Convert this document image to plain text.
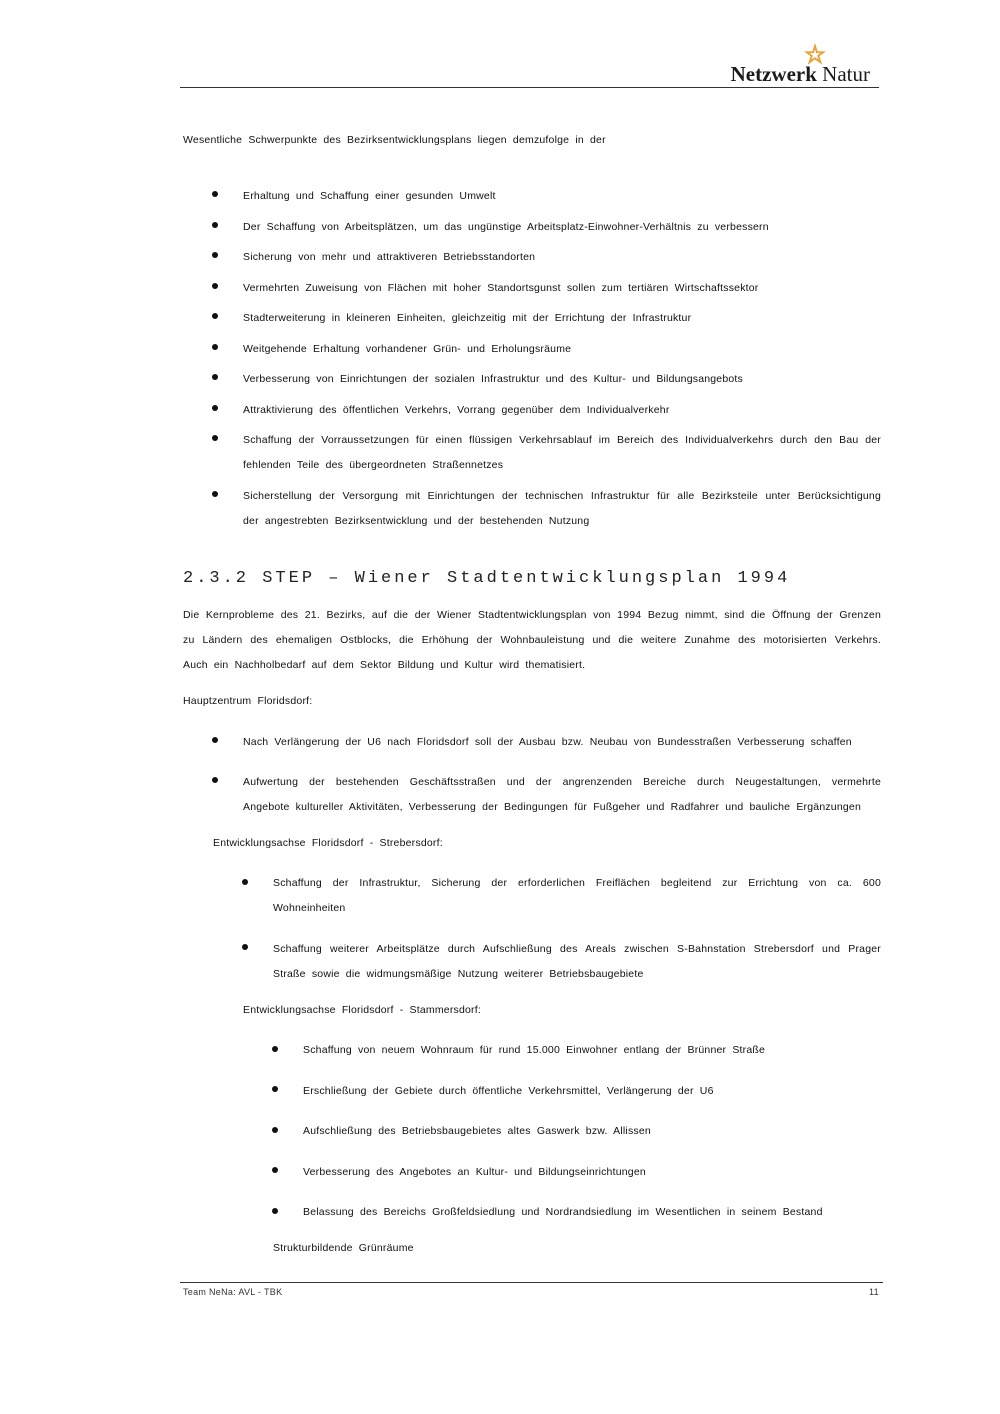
Netzwerk Natur
Wesentliche Schwerpunkte des Bezirksentwicklungsplans liegen demzufolge in der
Erhaltung und Schaffung einer gesunden Umwelt
Der Schaffung von Arbeitsplätzen, um das ungünstige Arbeitsplatz-Einwohner-Verhältnis zu verbessern
Sicherung von mehr und attraktiveren Betriebsstandorten
Vermehrten Zuweisung von Flächen mit hoher Standortsgunst sollen zum tertiären Wirtschaftssektor
Stadterweiterung in kleineren Einheiten, gleichzeitig mit der Errichtung der Infrastruktur
Weitgehende Erhaltung vorhandener Grün- und Erholungsräume
Verbesserung von Einrichtungen der sozialen Infrastruktur und des Kultur- und Bildungsangebots
Attraktivierung des öffentlichen Verkehrs, Vorrang gegenüber dem Individualverkehr
Schaffung der Vorraussetzungen für einen flüssigen Verkehrsablauf im Bereich des Individualverkehrs durch den Bau der fehlenden Teile des übergeordneten Straßennetzes
Sicherstellung der Versorgung mit Einrichtungen der technischen Infrastruktur für alle Bezirksteile unter Berücksichtigung der angestrebten Bezirksentwicklung und der bestehenden Nutzung
2.3.2 STEP – Wiener Stadtentwicklungsplan 1994
Die Kernprobleme des 21. Bezirks, auf die der Wiener Stadtentwicklungsplan von 1994 Bezug nimmt, sind die Öffnung der Grenzen zu Ländern des ehemaligen Ostblocks, die Erhöhung der Wohnbauleistung und die weitere Zunahme des motorisierten Verkehrs. Auch ein Nachholbedarf auf dem Sektor Bildung und Kultur wird thematisiert.
Hauptzentrum Floridsdorf:
Nach Verlängerung der U6 nach Floridsdorf soll der Ausbau bzw. Neubau von Bundesstraßen Verbesserung schaffen
Aufwertung der bestehenden Geschäftsstraßen und der angrenzenden Bereiche durch Neugestaltungen, vermehrte Angebote kultureller Aktivitäten, Verbesserung der Bedingungen für Fußgeher und Radfahrer und bauliche Ergänzungen
Entwicklungsachse Floridsdorf - Strebersdorf:
Schaffung der Infrastruktur, Sicherung der erforderlichen Freiflächen begleitend zur Errichtung von ca. 600 Wohneinheiten
Schaffung weiterer Arbeitsplätze durch Aufschließung des Areals zwischen S-Bahnstation Strebersdorf und Prager Straße sowie die widmungsmäßige Nutzung weiterer Betriebsbaugebiete
Entwicklungsachse Floridsdorf - Stammersdorf:
Schaffung von neuem Wohnraum für rund 15.000 Einwohner entlang der Brünner Straße
Erschließung der Gebiete durch öffentliche Verkehrsmittel, Verlängerung der U6
Aufschließung des Betriebsbaugebietes altes Gaswerk bzw. Allissen
Verbesserung des Angebotes an Kultur- und Bildungseinrichtungen
Belassung des Bereichs Großfeldsiedlung und Nordrandsiedlung im Wesentlichen in seinem Bestand
Strukturbildende Grünräume
Team NeNa: AVL - TBK	11
